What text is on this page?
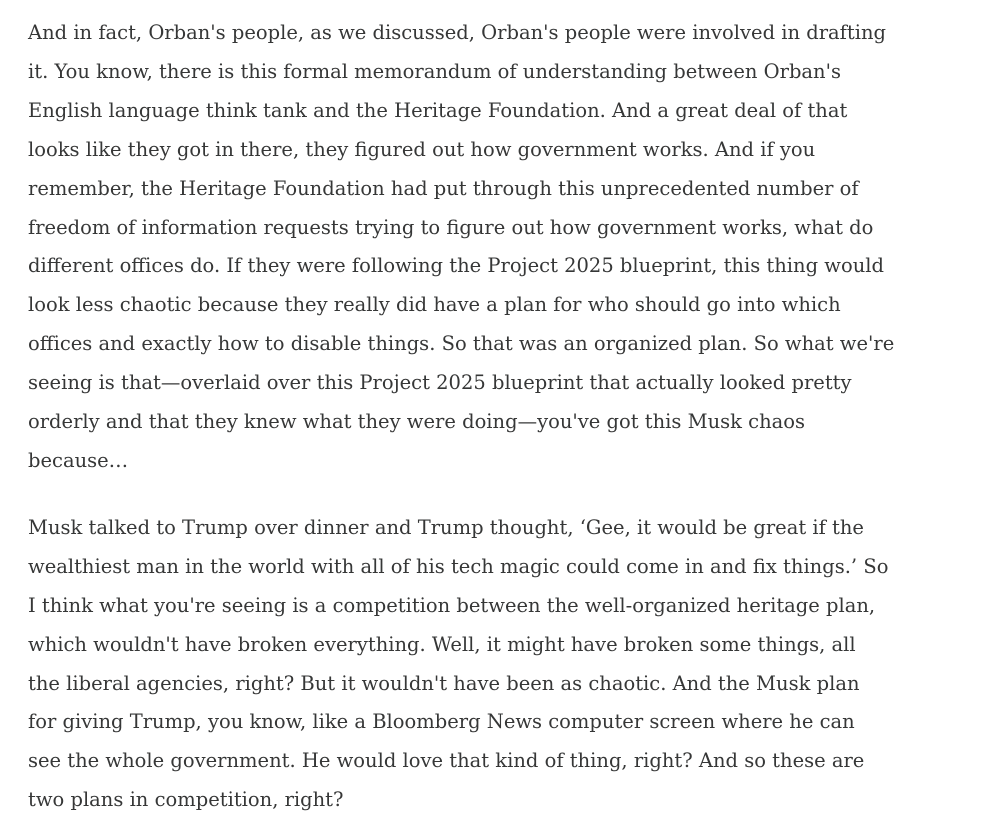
And in fact, Orban's people, as we discussed, Orban's people were involved in drafting
it. You know, there is this formal memorandum of understanding between Orban's
English language think tank and the Heritage Foundation. And a great deal of that
looks like they got in there, they figured out how government works. And if you
remember, the Heritage Foundation had put through this unprecedented number of
freedom of information requests trying to figure out how government works, what do
different offices do. If they were following the Project 2025 blueprint, this thing would
look less chaotic because they really did have a plan for who should go into which
offices and exactly how to disable things. So that was an organized plan. So what we're
seeing is that—overlaid over this Project 2025 blueprint that actually looked pretty
orderly and that they knew what they were doing—you've got this Musk chaos
because…

Musk talked to Trump over dinner and Trump thought, ‘Gee, it would be great if the
wealthiest man in the world with all of his tech magic could come in and fix things.’ So
I think what you're seeing is a competition between the well-organized heritage plan,
which wouldn't have broken everything. Well, it might have broken some things, all
the liberal agencies, right? But it wouldn't have been as chaotic. And the Musk plan
for giving Trump, you know, like a Bloomberg News computer screen where he can
see the whole government. He would love that kind of thing, right? And so these are
two plans in competition, right?
